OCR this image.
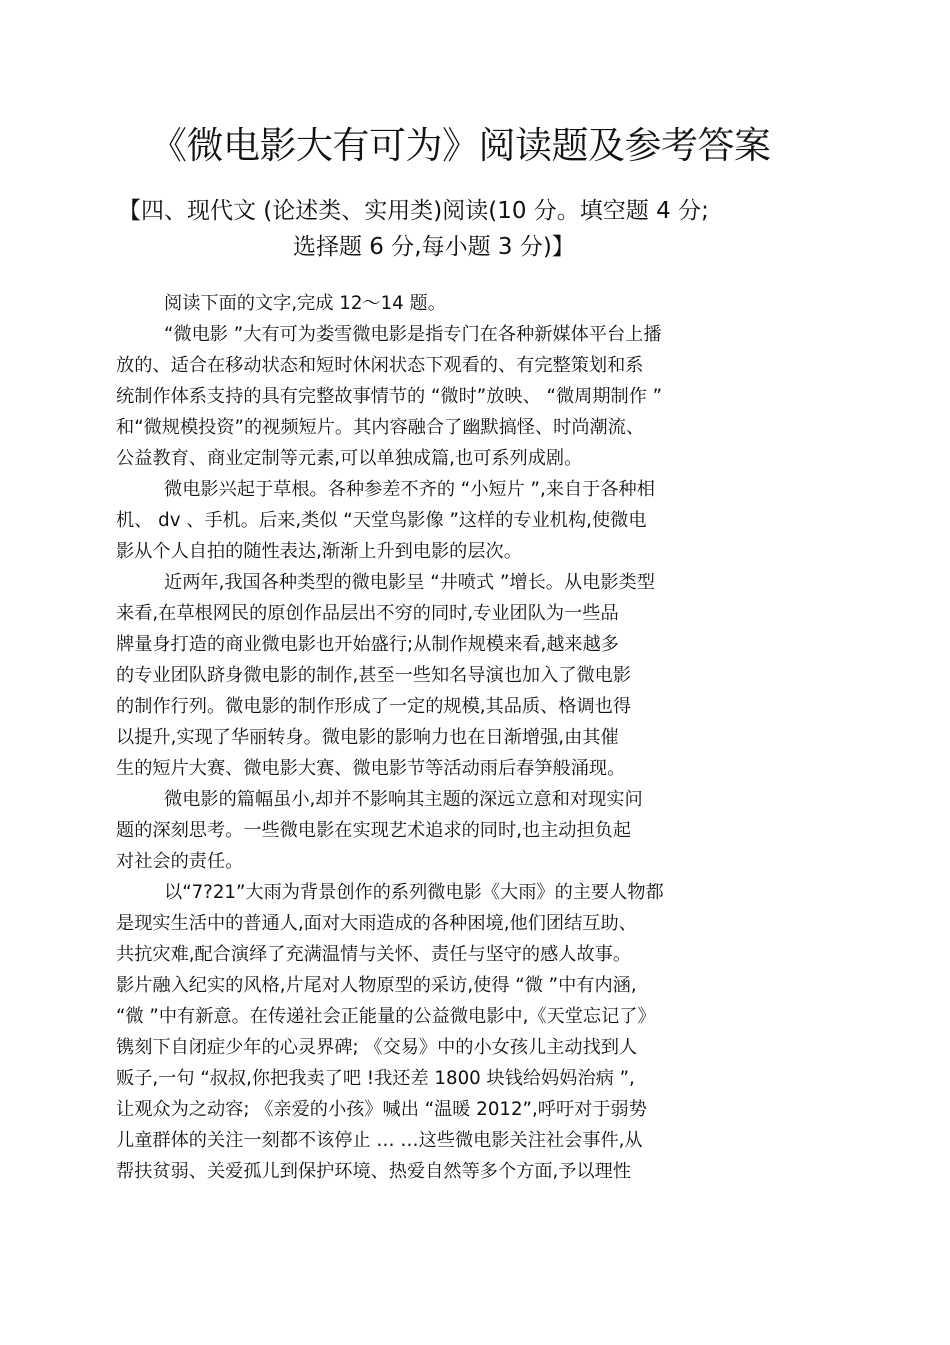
《微电影大有可为》阅读题及参考答案
【四、现代文 (论述类、实用类)阅读(10 分。填空题 4 分;
选择题 6 分,每小题 3 分)】
阅读下面的文字,完成 12～14 题。
“微电影 ”大有可为娄雪微电影是指专门在各种新媒体平台上播
放的、适合在移动状态和短时休闲状态下观看的、有完整策划和系
统制作体系支持的具有完整故事情节的 “微时”放映、 “微周期制作 ”
和“微规模投资”的视频短片。其内容融合了幽默搞怪、时尚潮流、
公益教育、商业定制等元素,可以单独成篇,也可系列成剧。
微电影兴起于草根。各种参差不齐的 “小短片 ”,来自于各种相
机、 dv 、手机。后来,类似 “天堂鸟影像 ”这样的专业机构,使微电
影从个人自拍的随性表达,渐渐上升到电影的层次。
近两年,我国各种类型的微电影呈 “井喷式 ”增长。从电影类型
来看,在草根网民的原创作品层出不穷的同时,专业团队为一些品
牌量身打造的商业微电影也开始盛行;从制作规模来看,越来越多
的专业团队跻身微电影的制作,甚至一些知名导演也加入了微电影
的制作行列。微电影的制作形成了一定的规模,其品质、格调也得
以提升,实现了华丽转身。微电影的影响力也在日渐增强,由其催
生的短片大赛、微电影大赛、微电影节等活动雨后春笋般涌现。
微电影的篇幅虽小,却并不影响其主题的深远立意和对现实问
题的深刻思考。一些微电影在实现艺术追求的同时,也主动担负起
对社会的责任。
以“7?21”大雨为背景创作的系列微电影《大雨》的主要人物都
是现实生活中的普通人,面对大雨造成的各种困境,他们团结互助、
共抗灾难,配合演绎了充满温情与关怀、责任与坚守的感人故事。
影片融入纪实的风格,片尾对人物原型的采访,使得 “微 ”中有内涵,
“微 ”中有新意。在传递社会正能量的公益微电影中,《天堂忘记了》
镌刻下自闭症少年的心灵界碑; 《交易》中的小女孩儿主动找到人
贩子,一句 “叔叔,你把我卖了吧 !我还差 1800 块钱给妈妈治病 ”,
让观众为之动容; 《亲爱的小孩》喊出 “温暖 2012”,呼吁对于弱势
儿童群体的关注一刻都不该停止 … …这些微电影关注社会事件,从
帮扶贫弱、关爱孤儿到保护环境、热爱自然等多个方面,予以理性
